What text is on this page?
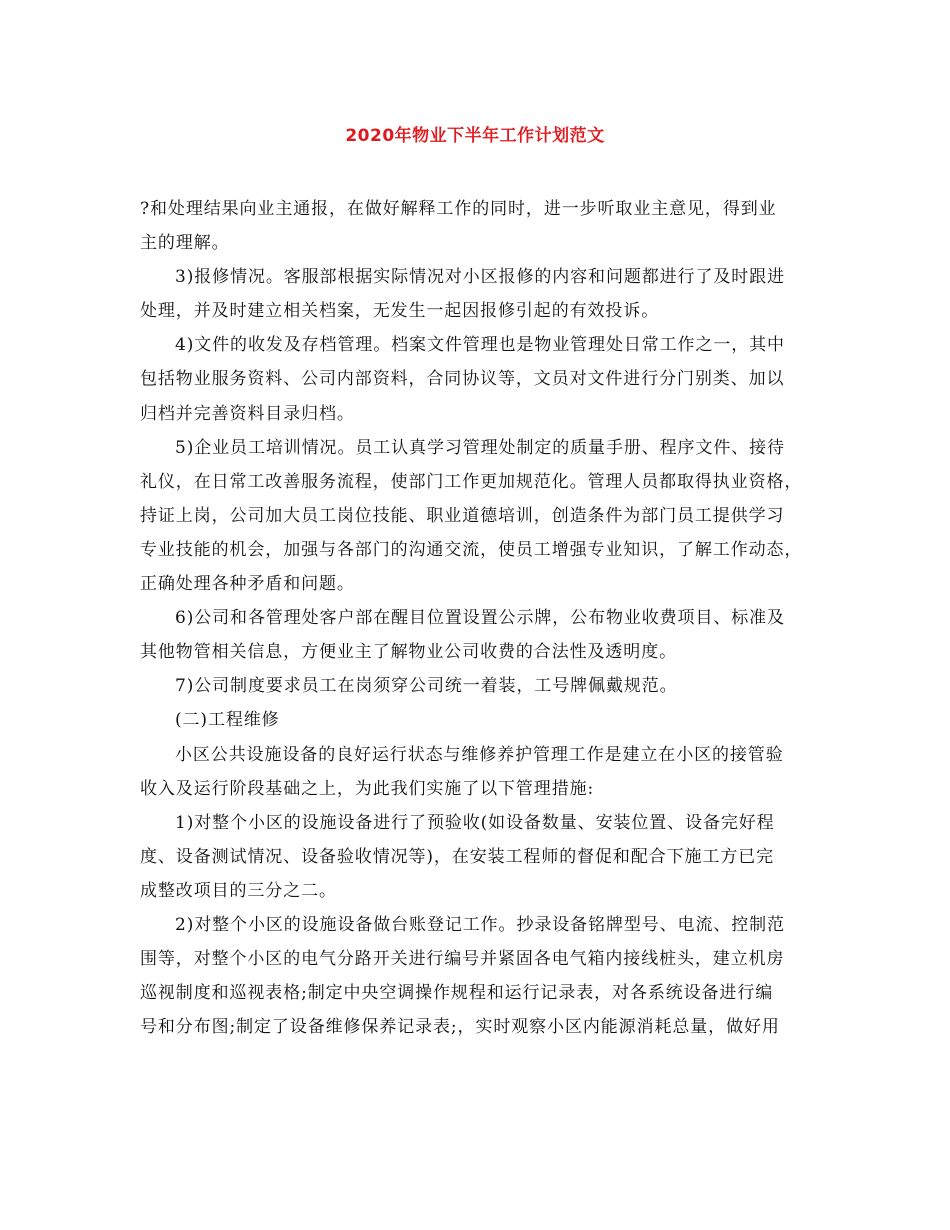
2020年物业下半年工作计划范文
?和处理结果向业主通报，在做好解释工作的同时，进一步听取业主意见，得到业
主的理解。
3)报修情况。客服部根据实际情况对小区报修的内容和问题都进行了及时跟进
处理，并及时建立相关档案，无发生一起因报修引起的有效投诉。
4)文件的收发及存档管理。档案文件管理也是物业管理处日常工作之一，其中
包括物业服务资料、公司内部资料，合同协议等，文员对文件进行分门别类、加以
归档并完善资料目录归档。
5)企业员工培训情况。员工认真学习管理处制定的质量手册、程序文件、接待
礼仪，在日常工改善服务流程，使部门工作更加规范化。管理人员都取得执业资格，
持证上岗，公司加大员工岗位技能、职业道德培训，创造条件为部门员工提供学习
专业技能的机会，加强与各部门的沟通交流，使员工增强专业知识，了解工作动态，
正确处理各种矛盾和问题。
6)公司和各管理处客户部在醒目位置设置公示牌，公布物业收费项目、标准及
其他物管相关信息，方便业主了解物业公司收费的合法性及透明度。
7)公司制度要求员工在岗须穿公司统一着装，工号牌佩戴规范。
(二)工程维修
小区公共设施设备的良好运行状态与维修养护管理工作是建立在小区的接管验
收入及运行阶段基础之上，为此我们实施了以下管理措施:
1)对整个小区的设施设备进行了预验收(如设备数量、安装位置、设备完好程
度、设备测试情况、设备验收情况等)，在安装工程师的督促和配合下施工方已完
成整改项目的三分之二。
2)对整个小区的设施设备做台账登记工作。抄录设备铭牌型号、电流、控制范
围等，对整个小区的电气分路开关进行编号并紧固各电气箱内接线桩头，建立机房
巡视制度和巡视表格;制定中央空调操作规程和运行记录表，对各系统设备进行编
号和分布图;制定了设备维修保养记录表;，实时观察小区内能源消耗总量，做好用
